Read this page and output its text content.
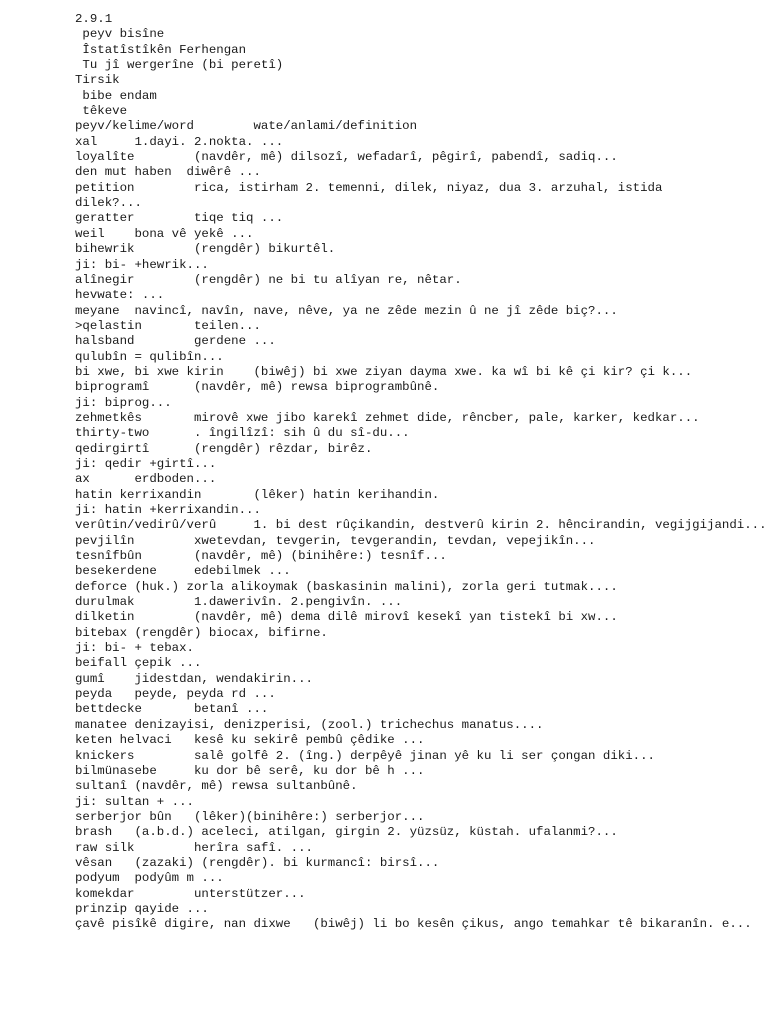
2.9.1
peyv bisîne
Îstatîstîkên Ferhengan
Tu jî wergerîne (bi peretî)
Tirsik
bibe endam
têkeve
peyv/kelime/word        wate/anlami/definition
xal     1.dayi. 2.nokta. ...
loyalîte        (navdêr, mê) dilsozî, wefadarî, pêgirî, pabendî, sadiq...
den mut haben  diwêrê ...
petition        rica, istirham 2. temenni, dilek, niyaz, dua 3. arzuhal, istida
dilek?...
geratter        tiqe tiq ...
weil    bona vê yekê ...
bihewrik        (rengdêr) bikurtêl.
ji: bi- +hewrik...
alînegir        (rengdêr) ne bi tu alîyan re, nêtar.
hevwate: ...
meyane  navincî, navîn, nave, nêve, ya ne zêde mezin û ne jî zêde biç?...
>qelastin       teilen...
halsband        gerdene ...
qulubîn = qulibîn...
bi xwe, bi xwe kirin    (biwêj) bi xwe ziyan dayma xwe. ka wî bi kê çi kir? çi k...
biprogramî      (navdêr, mê) rewsa biprogrambûnê.
ji: biprog...
zehmetkês       mirovê xwe jibo karekî zehmet dide, rêncber, pale, karker, kedkar...
thirty-two      . îngilîzî: sih û du sî-du...
qedirgirtî      (rengdêr) rêzdar, birêz.
ji: qedir +girtî...
ax      erdboden...
hatin kerrixandin       (lêker) hatin kerihandin.
ji: hatin +kerrixandin...
verûtin/vedirû/verû     1. bi dest rûçikandin, destverû kirin 2. hêncirandin, vegijgijandi...
pevjilîn        xwetevdan, tevgerin, tevgerandin, tevdan, vepejikîn...
tesnîfbûn       (navdêr, mê) (binihêre:) tesnîf...
besekerdene     edebilmek ...
deforce (huk.) zorla alikoymak (baskasinin malini), zorla geri tutmak....
durulmak        1.dawerivîn. 2.pengivîn. ...
dilketin        (navdêr, mê) dema dilê mirovî kesekî yan tistekî bi xw...
bitebax (rengdêr) biocax, bifirne.
ji: bi- + tebax.
beifall çepik ...
gumî    jidestdan, wendakirin...
peyda   peyde, peyda rd ...
bettdecke       betanî ...
manatee denizayisi, denizperisi, (zool.) trichechus manatus....
keten helvaci   kesê ku sekirê pembû çêdike ...
knickers        salê golfê 2. (îng.) derpêyê jinan yê ku li ser çongan diki...
bilmünasebe     ku dor bê serê, ku dor bê h ...
sultanî (navdêr, mê) rewsa sultanbûnê.
ji: sultan + ...
serberjor bûn   (lêker)(binihêre:) serberjor...
brash   (a.b.d.) aceleci, atilgan, girgin 2. yüzsüz, küstah. ufalanmi?...
raw silk        herîra safî. ...
vêsan   (zazaki) (rengdêr). bi kurmancî: birsî...
podyum  podyûm m ...
komekdar        unterstützer...
prinzip qayide ...
çavê pisîkê digire, nan dixwe   (biwêj) li bo kesên çikus, ango temahkar tê bikaranîn. e...
